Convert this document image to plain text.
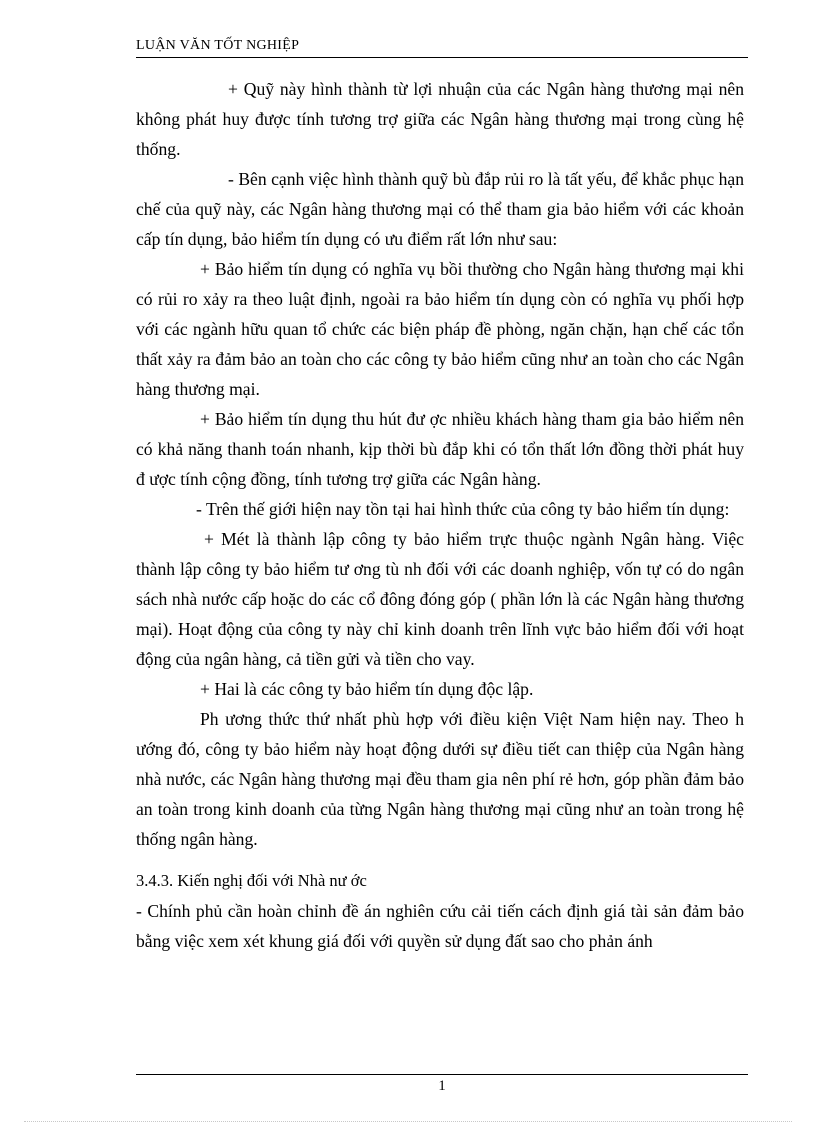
LUẬN VĂN TỐT NGHIỆP

+ Quỹ này hình thành từ lợi nhuận của các Ngân hàng thương mại nên không phát huy được tính tương trợ giữa các Ngân hàng thương mại trong cùng hệ thống.

- Bên cạnh việc hình thành quỹ bù đắp rủi ro là tất yếu, để khắc phục hạn chế của quỹ này, các Ngân hàng thương mại có thể tham gia bảo hiểm với các khoản cấp tín dụng, bảo hiểm tín dụng có ưu điểm rất lớn như sau:

+ Bảo hiểm tín dụng có nghĩa vụ bồi thường cho Ngân hàng thương mại khi có rủi ro xảy ra theo luật định, ngoài ra bảo hiểm tín dụng còn có nghĩa vụ phối hợp với các ngành hữu quan tổ chức các biện pháp đề phòng, ngăn chặn, hạn chế các tổn thất xảy ra đảm bảo an toàn cho các công ty bảo hiểm cũng như an toàn cho các Ngân hàng thương mại.

+ Bảo hiểm tín dụng thu hút đư ợc nhiều khách hàng tham gia bảo hiểm nên có khả năng thanh toán nhanh, kịp thời bù đắp khi có tổn thất lớn đồng thời phát huy đ ược tính cộng đồng, tính tương trợ giữa các Ngân hàng.

- Trên thế giới hiện nay tồn tại hai hình thức của công ty bảo hiểm tín dụng:

+ Mét là thành lập công ty bảo hiểm trực thuộc ngành Ngân hàng. Việc thành lập công ty bảo hiểm tư ơng tù nh đối với các doanh nghiệp, vốn tự có do ngân sách nhà nước cấp hoặc do các cổ đông đóng góp ( phần lớn là các Ngân hàng thương mại). Hoạt động của công ty này chỉ kinh doanh trên lĩnh vực bảo hiểm đối với hoạt động của ngân hàng, cả tiền gửi và tiền cho vay.

+ Hai là các công ty bảo hiểm tín dụng độc lập.

Ph ương thức thứ nhất phù hợp với điều kiện Việt Nam hiện nay. Theo h ướng đó, công ty bảo hiểm này hoạt động dưới sự điều tiết can thiệp của Ngân hàng nhà nước, các Ngân hàng thương mại đều tham gia nên phí rẻ hơn, góp phần đảm bảo an toàn trong kinh doanh của từng Ngân hàng thương mại cũng như an toàn trong hệ thống ngân hàng.

3.4.3. Kiến nghị đối với Nhà nư ớc

- Chính phủ cần hoàn chỉnh đề án nghiên cứu cải tiến cách định giá tài sản đảm bảo bằng việc xem xét khung giá đối với quyền sử dụng đất sao cho phản ánh

1
